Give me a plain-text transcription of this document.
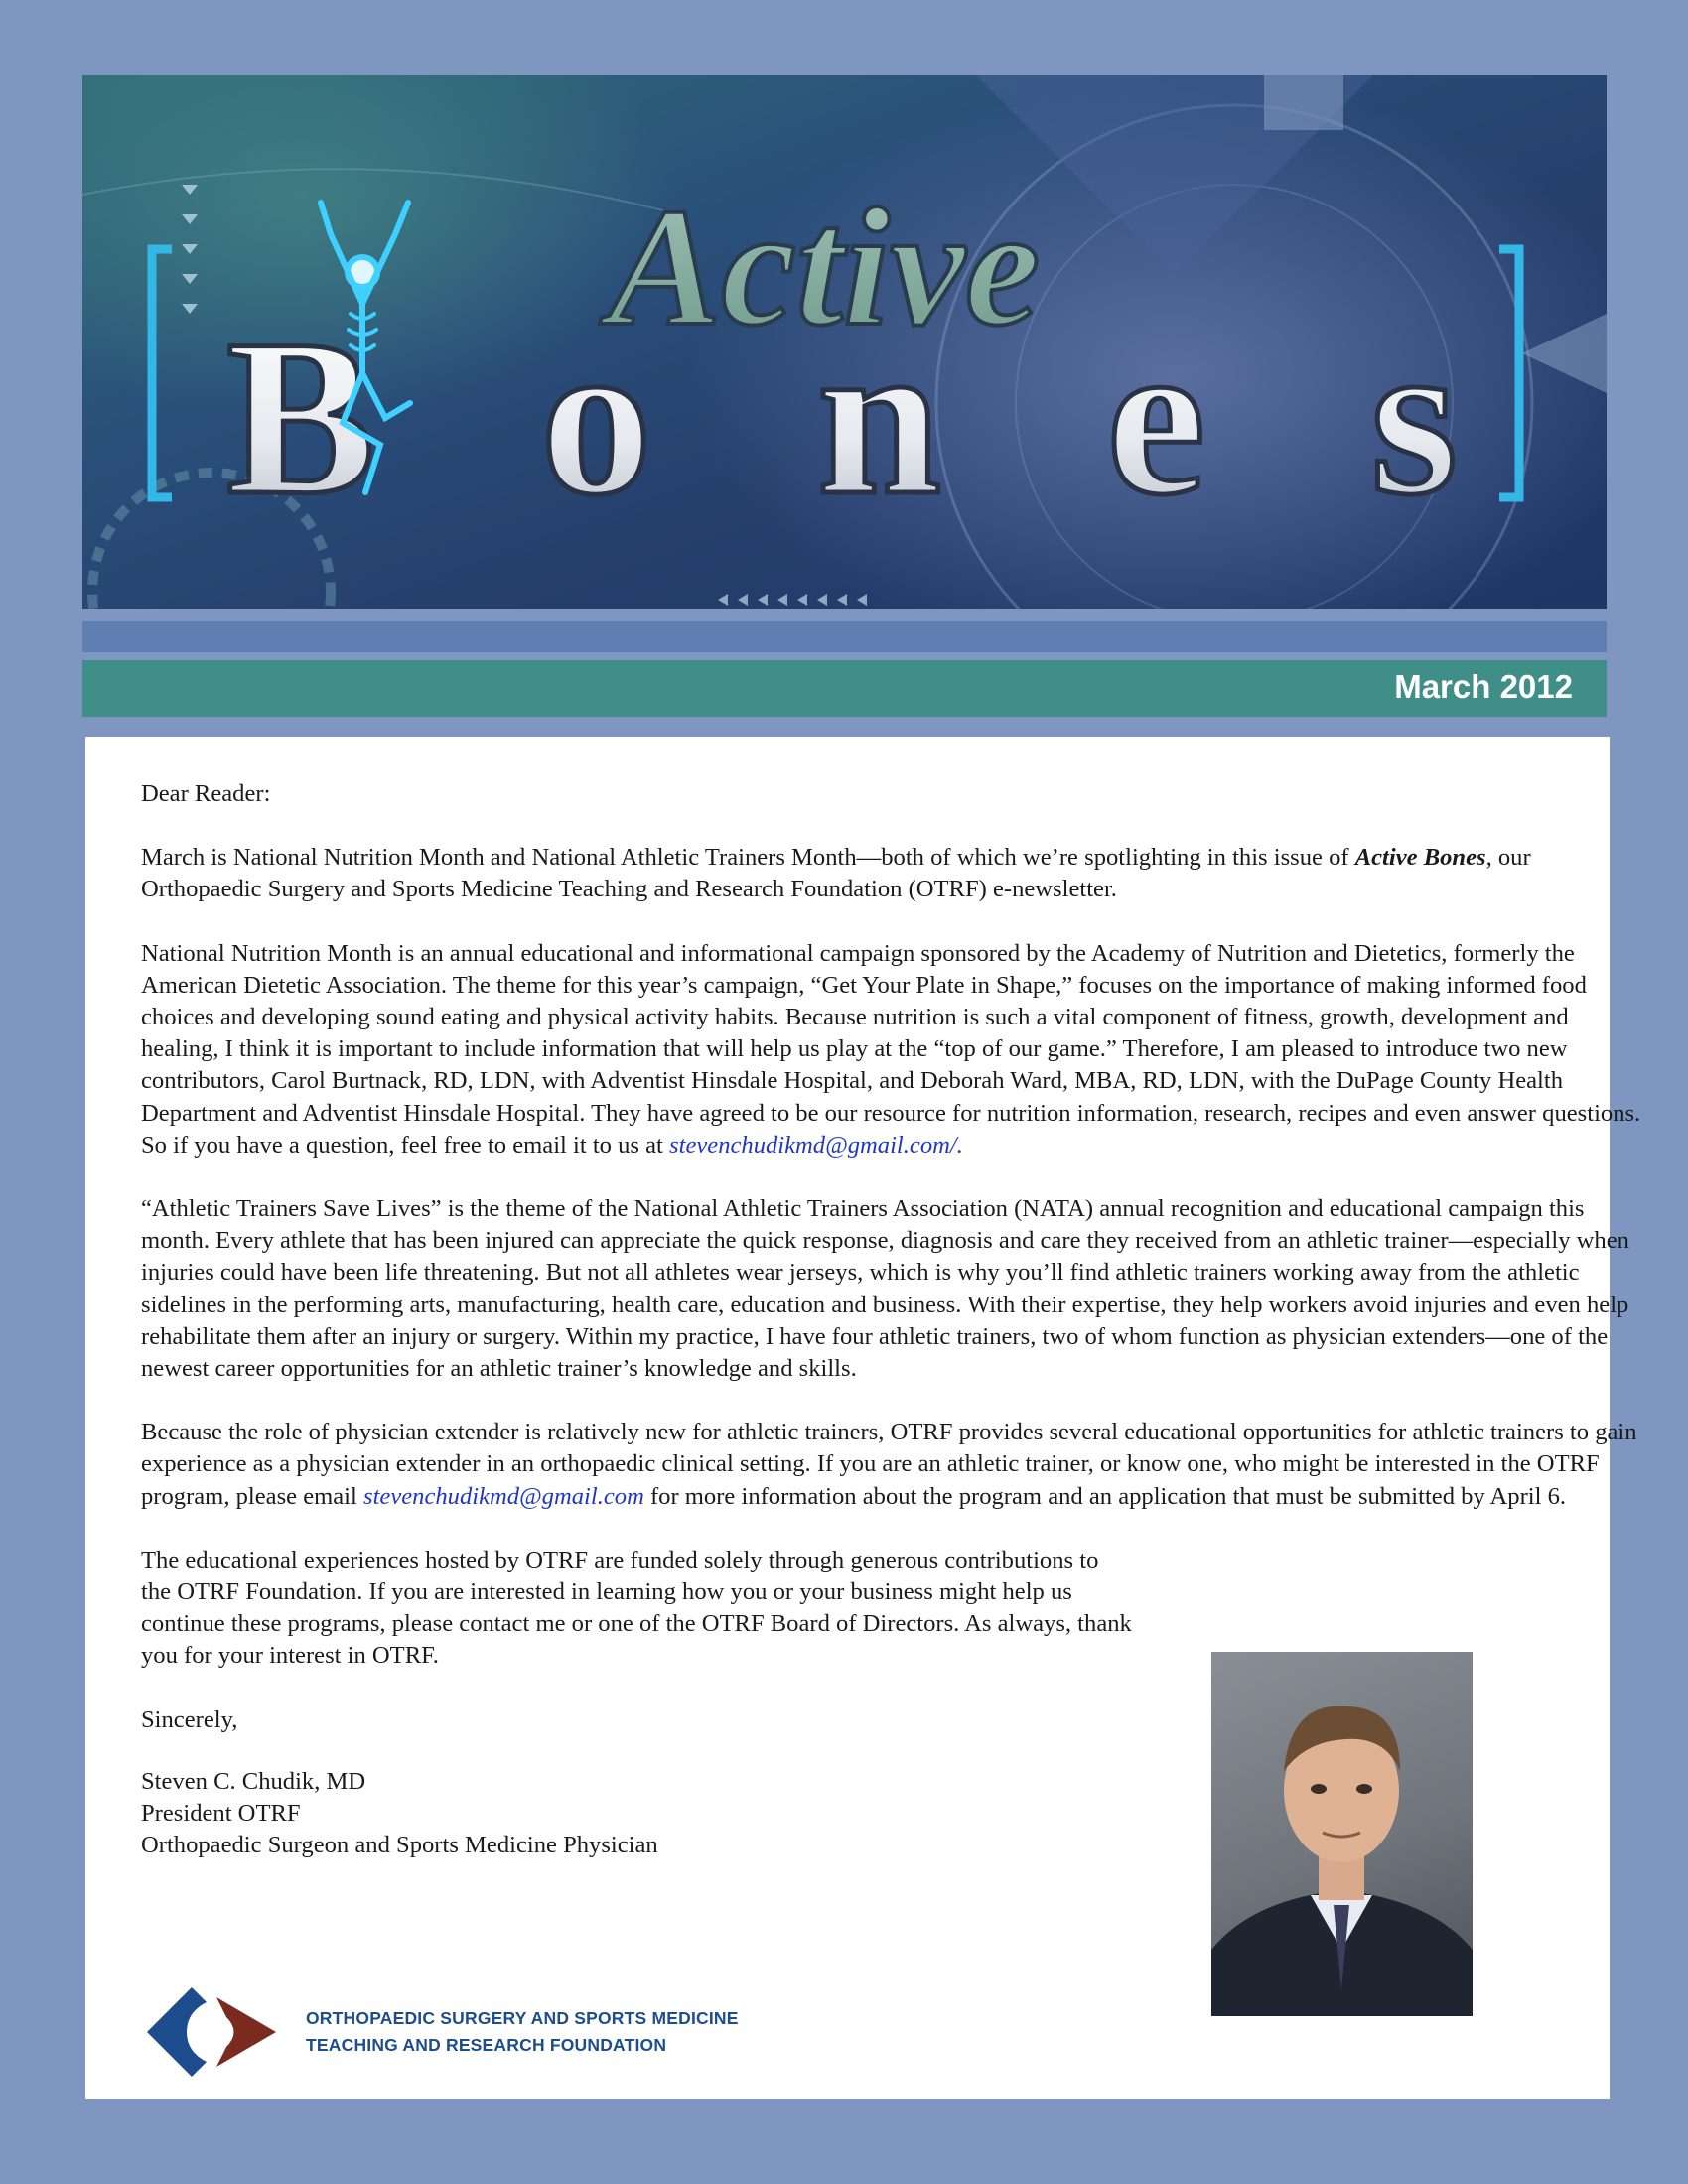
Active
Bones
March 2012

Dear Reader:

March is National Nutrition Month and National Athletic Trainers Month—both of which we’re spotlighting in this issue of Active Bones, our Orthopaedic Surgery and Sports Medicine Teaching and Research Foundation (OTRF) e-newsletter.

National Nutrition Month is an annual educational and informational campaign sponsored by the Academy of Nutrition and Dietetics, formerly the American Dietetic Association. The theme for this year’s campaign, “Get Your Plate in Shape,” focuses on the importance of making informed food choices and developing sound eating and physical activity habits. Because nutrition is such a vital component of fitness, growth, development and healing, I think it is important to include information that will help us play at the “top of our game.” Therefore, I am pleased to introduce two new contributors, Carol Burtnack, RD, LDN, with Adventist Hinsdale Hospital, and Deborah Ward, MBA, RD, LDN, with the DuPage County Health Department and Adventist Hinsdale Hospital. They have agreed to be our resource for nutrition information, research, recipes and even answer questions. So if you have a question, feel free to email it to us at stevenchudikmd@gmail.com/.

“Athletic Trainers Save Lives” is the theme of the National Athletic Trainers Association (NATA) annual recognition and educational campaign this month. Every athlete that has been injured can appreciate the quick response, diagnosis and care they received from an athletic trainer—especially when injuries could have been life threatening. But not all athletes wear jerseys, which is why you’ll find athletic trainers working away from the athletic sidelines in the performing arts, manufacturing, health care, education and business. With their expertise, they help workers avoid injuries and even help rehabilitate them after an injury or surgery. Within my practice, I have four athletic trainers, two of whom function as physician extenders—one of the newest career opportunities for an athletic trainer’s knowledge and skills.

Because the role of physician extender is relatively new for athletic trainers, OTRF provides several educational opportunities for athletic trainers to gain experience as a physician extender in an orthopaedic clinical setting. If you are an athletic trainer, or know one, who might be interested in the OTRF program, please email stevenchudikmd@gmail.com for more information about the program and an application that must be submitted by April 6.

The educational experiences hosted by OTRF are funded solely through generous contributions to the OTRF Foundation. If you are interested in learning how you or your business might help us continue these programs, please contact me or one of the OTRF Board of Directors. As always, thank you for your interest in OTRF.

Sincerely,

Steven C. Chudik, MD
President OTRF
Orthopaedic Surgeon and Sports Medicine Physician
ORTHOPAEDIC SURGERY AND SPORTS MEDICINE
TEACHING AND RESEARCH FOUNDATION
